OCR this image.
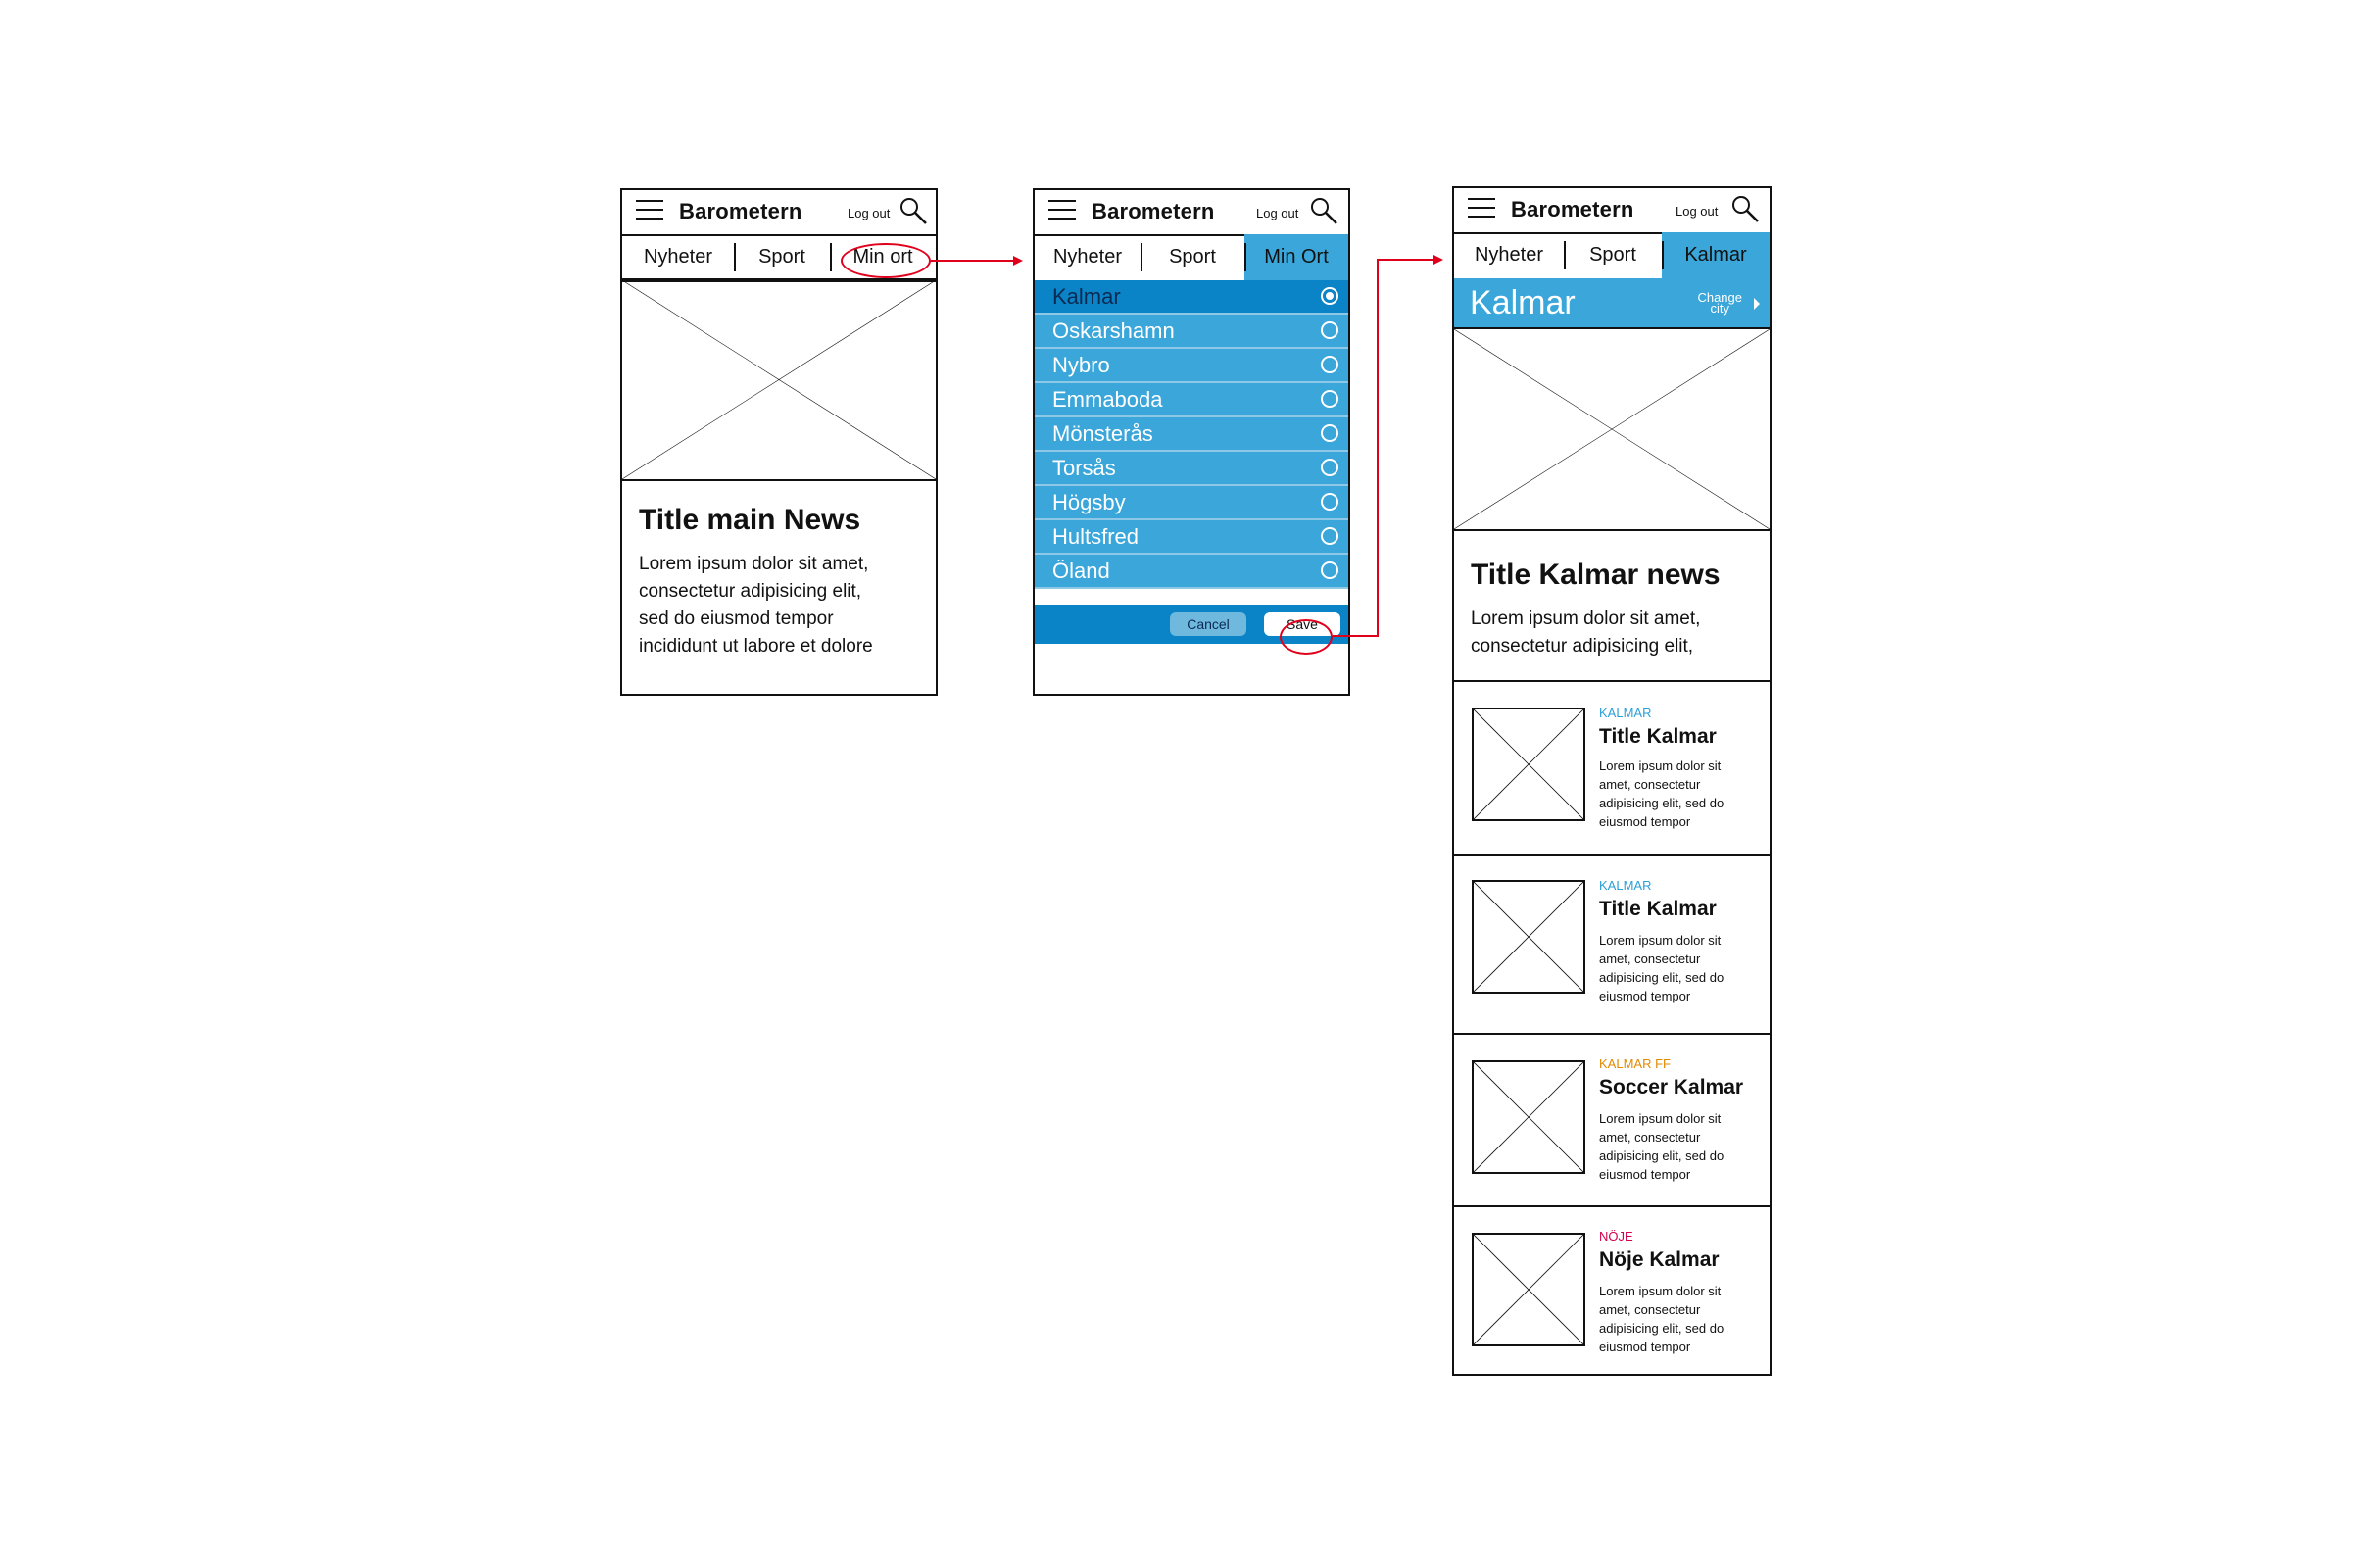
Barometern	Log out
Nyheter	Sport	Min ort
Title main News
Lorem ipsum dolor sit amet,
consectetur adipisicing elit,
sed do eiusmod tempor
incididunt ut labore et dolore
Barometern	Log out
Nyheter	Sport	Min Ort
Kalmar
Oskarshamn
Nybro
Emmaboda
Mönsterås
Torsås
Högsby
Hultsfred
Öland
Cancel	Save
Barometern	Log out
Nyheter	Sport	Kalmar
Kalmar	Change
city
Title Kalmar news
Lorem ipsum dolor sit amet,
consectetur adipisicing elit,
KALMAR
Title Kalmar
Lorem ipsum dolor sit
amet, consectetur
adipisicing elit, sed do
eiusmod tempor
KALMAR
Title Kalmar
Lorem ipsum dolor sit
amet, consectetur
adipisicing elit, sed do
eiusmod tempor
KALMAR FF
Soccer Kalmar
Lorem ipsum dolor sit
amet, consectetur
adipisicing elit, sed do
eiusmod tempor
NÖJE
Nöje Kalmar
Lorem ipsum dolor sit
amet, consectetur
adipisicing elit, sed do
eiusmod tempor
